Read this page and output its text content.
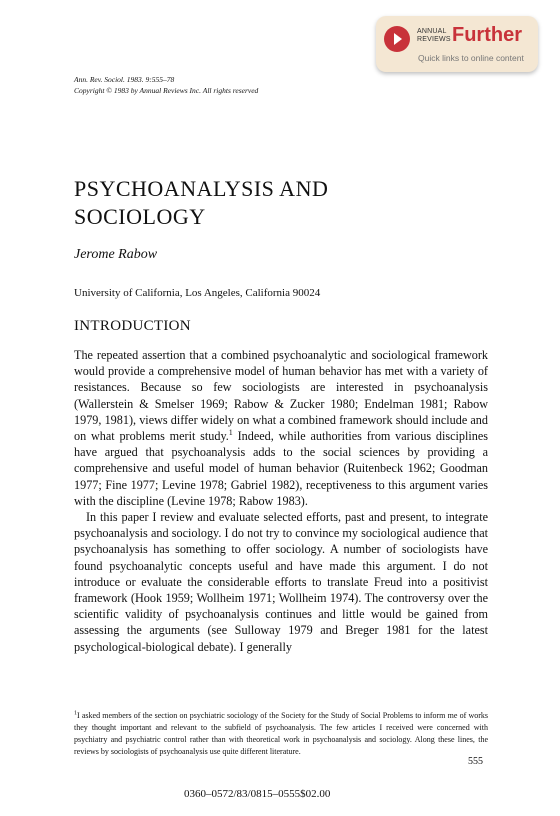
ANNUAL
REVIEWS Further
Quick links to online content
Ann. Rev. Sociol. 1983. 9:555–78
Copyright © 1983 by Annual Reviews Inc. All rights reserved
PSYCHOANALYSIS AND
SOCIOLOGY
Jerome Rabow
University of California, Los Angeles, California 90024
INTRODUCTION

The repeated assertion that a combined psychoanalytic and sociological framework would provide a comprehensive model of human behavior has met with a variety of resistances. Because so few sociologists are interested in psychoanalysis (Wallerstein & Smelser 1969; Rabow & Zucker 1980; Endelman 1981; Rabow 1979, 1981), views differ widely on what a combined framework should include and on what problems merit study.$^1$ Indeed, while authorities from various disciplines have argued that psychoanalysis adds to the social sciences by providing a comprehensive and useful model of human behavior (Ruitenbeck 1962; Goodman 1977; Fine 1977; Levine 1978; Gabriel 1982), receptiveness to this argument varies with the discipline (Levine 1978; Rabow 1983).

In this paper I review and evaluate selected efforts, past and present, to integrate psychoanalysis and sociology. I do not try to convince my sociological audience that psychoanalysis has something to offer sociology. A number of sociologists have found psychoanalytic concepts useful and have made this argument. I do not introduce or evaluate the considerable efforts to translate Freud into a positivist framework (Hook 1959; Wollheim 1971; Wollheim 1974). The controversy over the scientific validity of psychoanalysis continues and little would be gained from assessing the arguments (see Sulloway 1979 and Breger 1981 for the latest psychological-biological debate). I generally

$^1$I asked members of the section on psychiatric sociology of the Society for the Study of Social Problems to inform me of works they thought important and relevant to the subfield of psychoanalysis. The few articles I received were concerned with psychiatry and psychiatric control rather than with theoretical work in psychoanalysis and sociology. Along these lines, the reviews by sociologists of psychoanalysis use quite different literature.
555
0360–0572/83/0815–0555$02.00
